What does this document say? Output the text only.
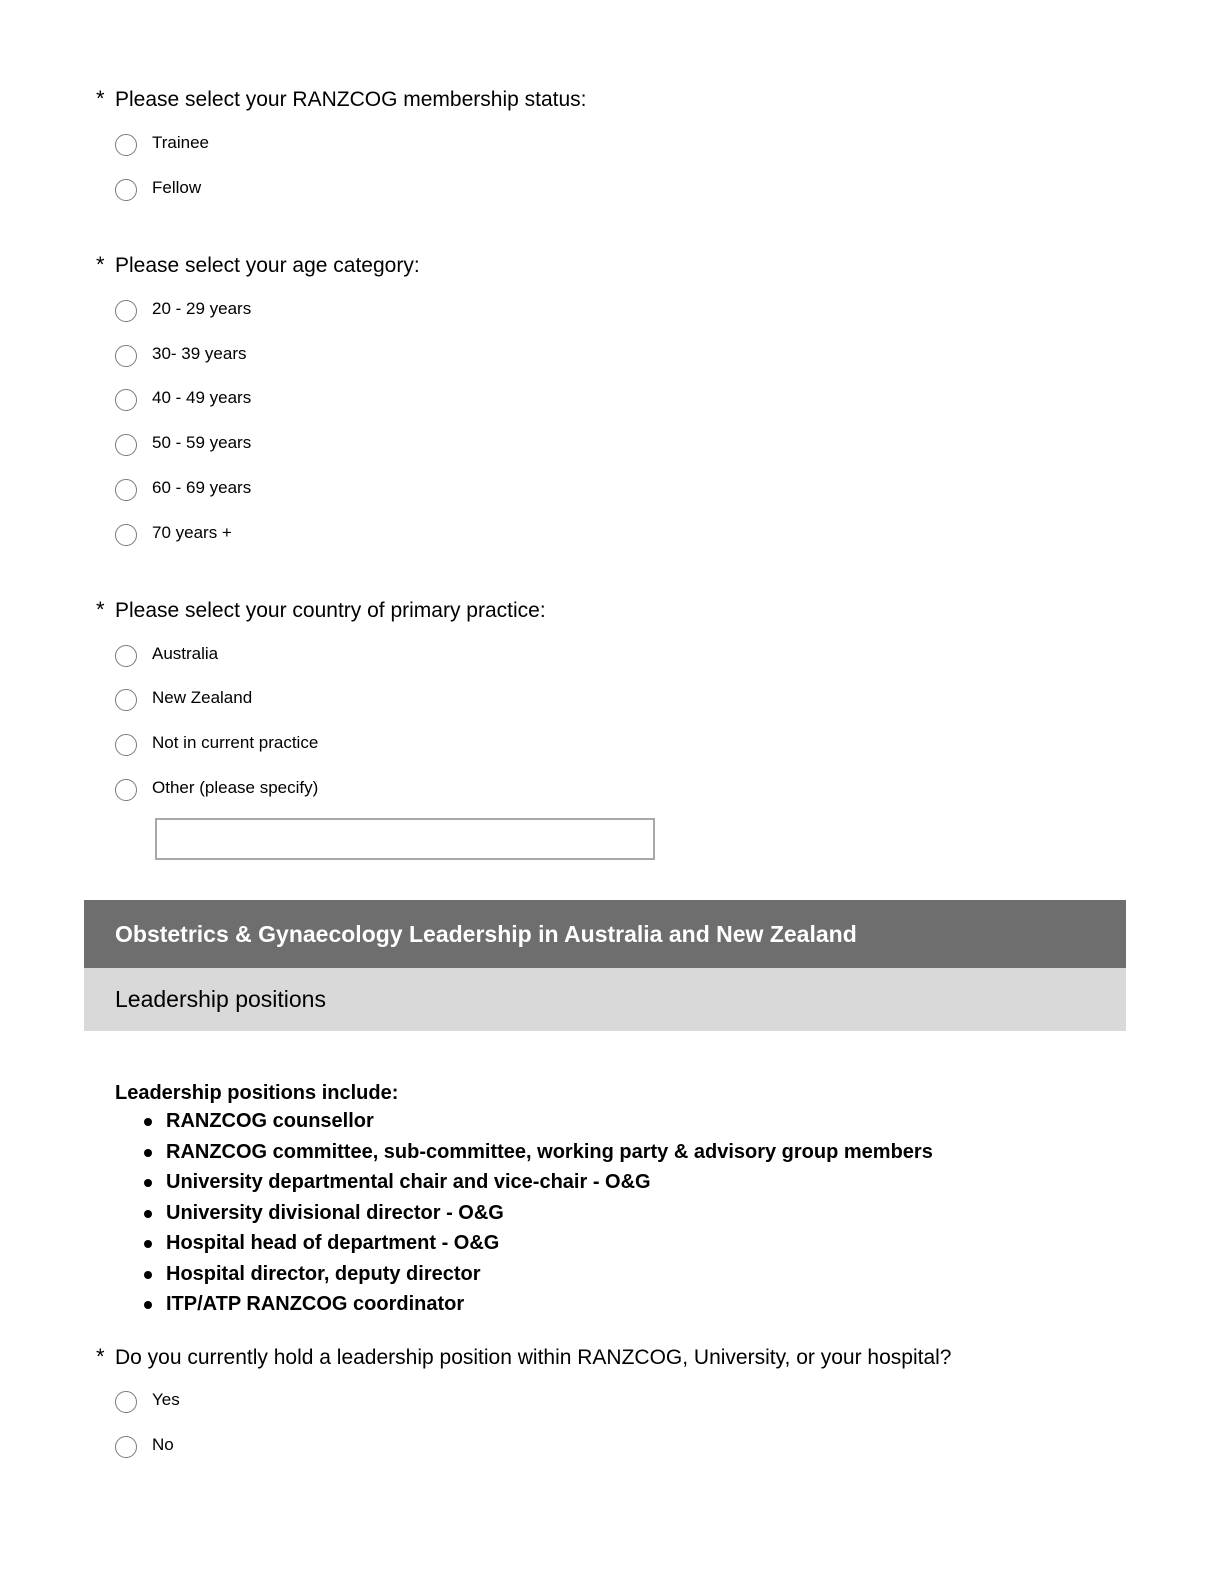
* Please select your RANZCOG membership status:
Trainee
Fellow
* Please select your age category:
20 - 29 years
30- 39 years
40 - 49 years
50 - 59 years
60 - 69 years
70 years +
* Please select your country of primary practice:
Australia
New Zealand
Not in current practice
Other (please specify)
Obstetrics & Gynaecology Leadership in Australia and New Zealand
Leadership positions
Leadership positions include:
RANZCOG counsellor
RANZCOG committee, sub-committee, working party & advisory group members
University departmental chair and vice-chair - O&G
University divisional director - O&G
Hospital head of department - O&G
Hospital director, deputy director
ITP/ATP RANZCOG coordinator
* Do you currently hold a leadership position within RANZCOG, University, or your hospital?
Yes
No
